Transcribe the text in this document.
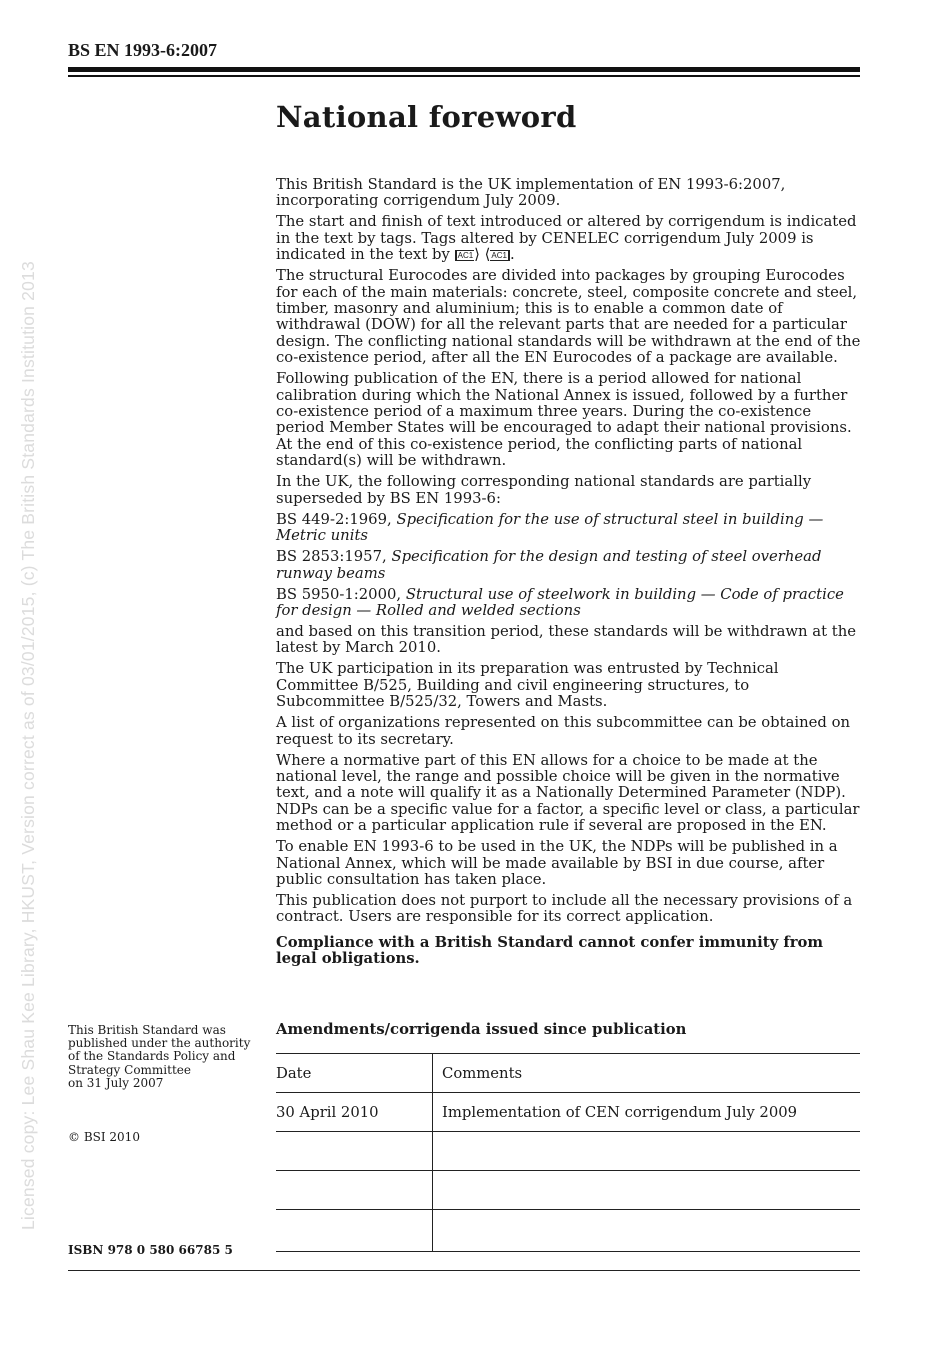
Licensed copy: Lee Shau Kee Library, HKUST, Version correct as of 03/01/2015, (c) The British Standards Institution 2013
BS EN 1993-6:2007
National foreword

This British Standard is the UK implementation of EN 1993-6:2007, incorporating corrigendum July 2009.

The start and finish of text introduced or altered by corrigendum is indicated in the text by tags. Tags altered by CENELEC corrigendum July 2009 is indicated in the text by AC1⟩ ⟨AC1 .

The structural Eurocodes are divided into packages by grouping Eurocodes for each of the main materials: concrete, steel, composite concrete and steel, timber, masonry and aluminium; this is to enable a common date of withdrawal (DOW) for all the relevant parts that are needed for a particular design. The conflicting national standards will be withdrawn at the end of the co-existence period, after all the EN Eurocodes of a package are available.

Following publication of the EN, there is a period allowed for national calibration during which the National Annex is issued, followed by a further co-existence period of a maximum three years. During the co-existence period Member States will be encouraged to adapt their national provisions. At the end of this co-existence period, the conflicting parts of national standard(s) will be withdrawn.

In the UK, the following corresponding national standards are partially superseded by BS EN 1993-6:

BS 449-2:1969, Specification for the use of structural steel in building — Metric units

BS 2853:1957, Specification for the design and testing of steel overhead runway beams

BS 5950-1:2000, Structural use of steelwork in building — Code of practice for design — Rolled and welded sections

and based on this transition period, these standards will be withdrawn at the latest by March 2010.

The UK participation in its preparation was entrusted by Technical Committee B/525, Building and civil engineering structures, to Subcommittee B/525/32, Towers and Masts.

A list of organizations represented on this subcommittee can be obtained on request to its secretary.

Where a normative part of this EN allows for a choice to be made at the national level, the range and possible choice will be given in the normative text, and a note will qualify it as a Nationally Determined Parameter (NDP). NDPs can be a specific value for a factor, a specific level or class, a particular method or a particular application rule if several are proposed in the EN.

To enable EN 1993-6 to be used in the UK, the NDPs will be published in a National Annex, which will be made available by BSI in due course, after public consultation has taken place.

This publication does not purport to include all the necessary provisions of a contract. Users are responsible for its correct application.

Compliance with a British Standard cannot confer immunity from legal obligations.

Amendments/corrigenda issued since publication
Date	Comments
30 April 2010	Implementation of CEN corrigendum July 2009

This British Standard was
published under the authority
of the Standards Policy and
Strategy Committee
on 31 July 2007
© BSI 2010
ISBN 978 0 580 66785 5
